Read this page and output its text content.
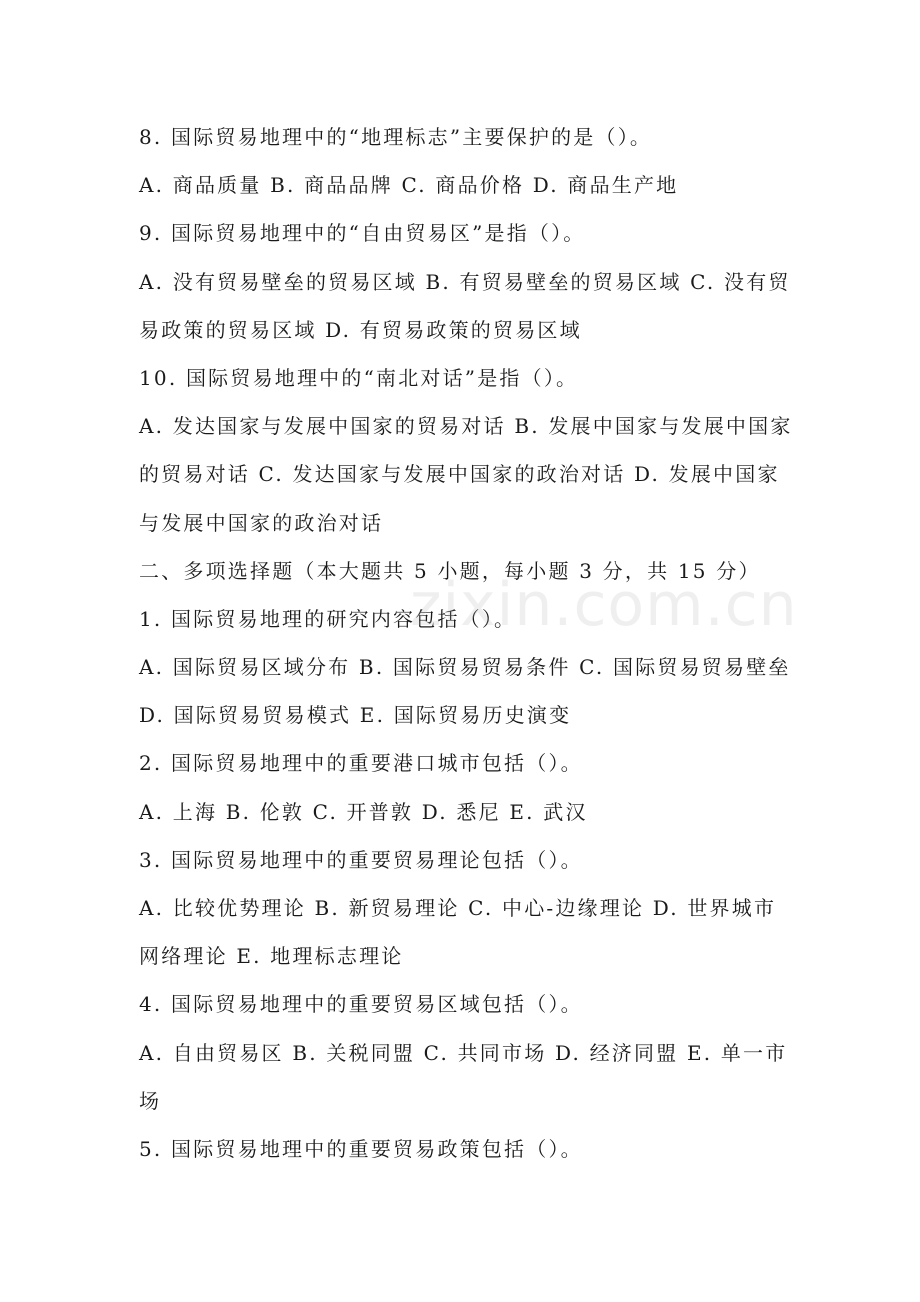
8. 国际贸易地理中的“地理标志”主要保护的是（）。
A. 商品质量 B. 商品品牌 C. 商品价格 D. 商品生产地
9. 国际贸易地理中的“自由贸易区”是指（）。
A. 没有贸易壁垒的贸易区域 B. 有贸易壁垒的贸易区域 C. 没有贸
易政策的贸易区域 D. 有贸易政策的贸易区域
10. 国际贸易地理中的“南北对话”是指（）。
A. 发达国家与发展中国家的贸易对话 B. 发展中国家与发展中国家
的贸易对话 C. 发达国家与发展中国家的政治对话 D. 发展中国家
与发展中国家的政治对话
二、多项选择题（本大题共 5 小题，每小题 3 分，共 15 分）
1. 国际贸易地理的研究内容包括（）。
A. 国际贸易区域分布 B. 国际贸易贸易条件 C. 国际贸易贸易壁垒
D. 国际贸易贸易模式 E. 国际贸易历史演变
2. 国际贸易地理中的重要港口城市包括（）。
A. 上海 B. 伦敦 C. 开普敦 D. 悉尼 E. 武汉
3. 国际贸易地理中的重要贸易理论包括（）。
A. 比较优势理论 B. 新贸易理论 C. 中心-边缘理论 D. 世界城市
网络理论 E. 地理标志理论
4. 国际贸易地理中的重要贸易区域包括（）。
A. 自由贸易区 B. 关税同盟 C. 共同市场 D. 经济同盟 E. 单一市
场
5. 国际贸易地理中的重要贸易政策包括（）。
zixin.com.cn
